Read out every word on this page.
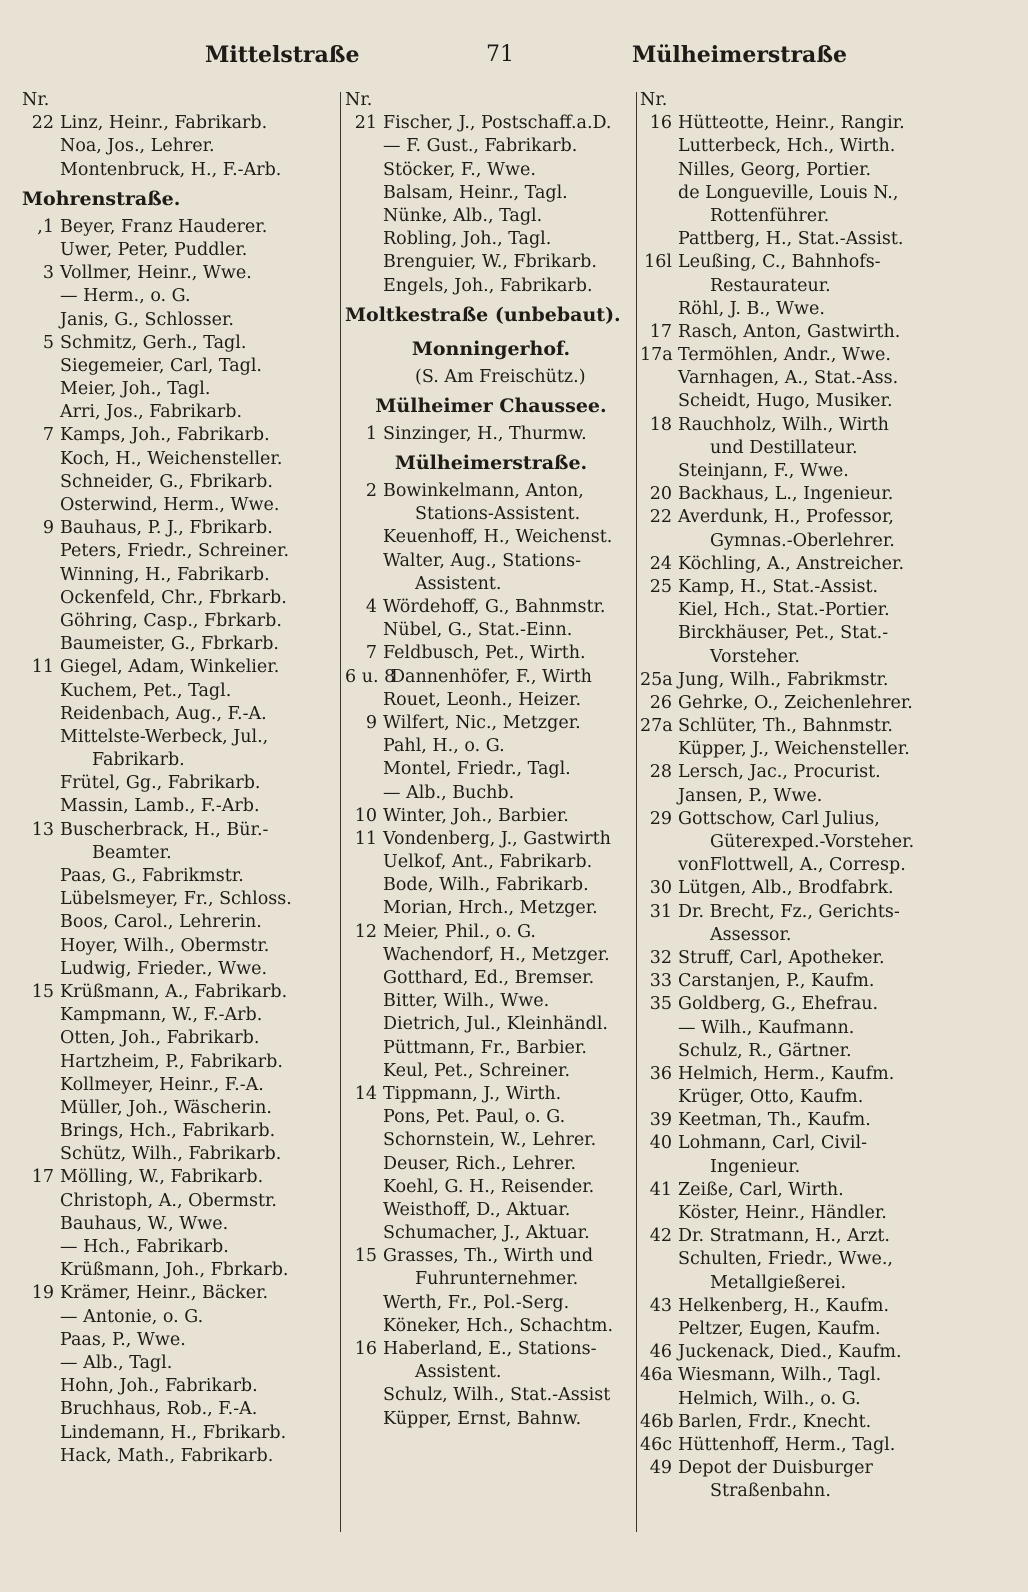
Mittelstraße	71	Mülheimerstraße
Nr.
22 Linz, Heinr., Fabrikarb.
Noa, Jos., Lehrer.
Montenbruck, H., F.-Arb.
Mohrenstraße.
,1 Beyer, Franz Hauderer.
Uwer, Peter, Puddler.
3 Vollmer, Heinr., Wwe.
— Herm., o. G.
Janis, G., Schlosser.
5 Schmitz, Gerh., Tagl.
Siegemeier, Carl, Tagl.
Meier, Joh., Tagl.
Arri, Jos., Fabrikarb.
7 Kamps, Joh., Fabrikarb.
Koch, H., Weichensteller.
Schneider, G., Fbrikarb.
Osterwind, Herm., Wwe.
9 Bauhaus, P. J., Fbrikarb.
Peters, Friedr., Schreiner.
Winning, H., Fabrikarb.
Ockenfeld, Chr., Fbrkarb.
Göhring, Casp., Fbrkarb.
Baumeister, G., Fbrkarb.
11 Giegel, Adam, Winkelier.
Kuchem, Pet., Tagl.
Reidenbach, Aug., F.-A.
Mittelste-Werbeck, Jul.,
Fabrikarb.
Frütel, Gg., Fabrikarb.
Massin, Lamb., F.-Arb.
13 Buscherbrack, H., Bür.-
Beamter.
Paas, G., Fabrikmstr.
Lübelsmeyer, Fr., Schloss.
Boos, Carol., Lehrerin.
Hoyer, Wilh., Obermstr.
Ludwig, Frieder., Wwe.
15 Krüßmann, A., Fabrikarb.
Kampmann, W., F.-Arb.
Otten, Joh., Fabrikarb.
Hartzheim, P., Fabrikarb.
Kollmeyer, Heinr., F.-A.
Müller, Joh., Wäscherin.
Brings, Hch., Fabrikarb.
Schütz, Wilh., Fabrikarb.
17 Mölling, W., Fabrikarb.
Christoph, A., Obermstr.
Bauhaus, W., Wwe.
— Hch., Fabrikarb.
Krüßmann, Joh., Fbrkarb.
19 Krämer, Heinr., Bäcker.
— Antonie, o. G.
Paas, P., Wwe.
— Alb., Tagl.
Hohn, Joh., Fabrikarb.
Bruchhaus, Rob., F.-A.
Lindemann, H., Fbrikarb.
Hack, Math., Fabrikarb.
Nr.
21 Fischer, J., Postschaff.a.D.
— F. Gust., Fabrikarb.
Stöcker, F., Wwe.
Balsam, Heinr., Tagl.
Nünke, Alb., Tagl.
Robling, Joh., Tagl.
Brenguier, W., Fbrikarb.
Engels, Joh., Fabrikarb.
Moltkestraße (unbebaut).
Monningerhof.
(S. Am Freischütz.)
Mülheimer Chaussee.
1 Sinzinger, H., Thurmw.
Mülheimerstraße.
2 Bowinkelmann, Anton,
Stations-Assistent.
Keuenhoff, H., Weichenst.
Walter, Aug., Stations-
Assistent.
4 Wördehoff, G., Bahnmstr.
Nübel, G., Stat.-Einn.
7 Feldbusch, Pet., Wirth.
6 u. 8Dannenhöfer, F., Wirth
Rouet, Leonh., Heizer.
9 Wilfert, Nic., Metzger.
Pahl, H., o. G.
Montel, Friedr., Tagl.
— Alb., Buchb.
10 Winter, Joh., Barbier.
11 Vondenberg, J., Gastwirth
Uelkof, Ant., Fabrikarb.
Bode, Wilh., Fabrikarb.
Morian, Hrch., Metzger.
12 Meier, Phil., o. G.
Wachendorf, H., Metzger.
Gotthard, Ed., Bremser.
Bitter, Wilh., Wwe.
Dietrich, Jul., Kleinhändl.
Püttmann, Fr., Barbier.
Keul, Pet., Schreiner.
14 Tippmann, J., Wirth.
Pons, Pet. Paul, o. G.
Schornstein, W., Lehrer.
Deuser, Rich., Lehrer.
Koehl, G. H., Reisender.
Weisthoff, D., Aktuar.
Schumacher, J., Aktuar.
15 Grasses, Th., Wirth und
Fuhrunternehmer.
Werth, Fr., Pol.-Serg.
Köneker, Hch., Schachtm.
16 Haberland, E., Stations-
Assistent.
Schulz, Wilh., Stat.-Assist
Küpper, Ernst, Bahnw.
Nr.
16 Hütteotte, Heinr., Rangir.
Lutterbeck, Hch., Wirth.
Nilles, Georg, Portier.
de Longueville, Louis N.,
Rottenführer.
Pattberg, H., Stat.-Assist.
16l Leußing, C., Bahnhofs-
Restaurateur.
Röhl, J. B., Wwe.
17 Rasch, Anton, Gastwirth.
17a Termöhlen, Andr., Wwe.
Varnhagen, A., Stat.-Ass.
Scheidt, Hugo, Musiker.
18 Rauchholz, Wilh., Wirth
und Destillateur.
Steinjann, F., Wwe.
20 Backhaus, L., Ingenieur.
22 Averdunk, H., Professor,
Gymnas.-Oberlehrer.
24 Köchling, A., Anstreicher.
25 Kamp, H., Stat.-Assist.
Kiel, Hch., Stat.-Portier.
Birckhäuser, Pet., Stat.-
Vorsteher.
25a Jung, Wilh., Fabrikmstr.
26 Gehrke, O., Zeichenlehrer.
27a Schlüter, Th., Bahnmstr.
Küpper, J., Weichensteller.
28 Lersch, Jac., Procurist.
Jansen, P., Wwe.
29 Gottschow, Carl Julius,
Güterexped.-Vorsteher.
vonFlottwell, A., Corresp.
30 Lütgen, Alb., Brodfabrk.
31 Dr. Brecht, Fz., Gerichts-
Assessor.
32 Struff, Carl, Apotheker.
33 Carstanjen, P., Kaufm.
35 Goldberg, G., Ehefrau.
— Wilh., Kaufmann.
Schulz, R., Gärtner.
36 Helmich, Herm., Kaufm.
Krüger, Otto, Kaufm.
39 Keetman, Th., Kaufm.
40 Lohmann, Carl, Civil-
Ingenieur.
41 Zeiße, Carl, Wirth.
Köster, Heinr., Händler.
42 Dr. Stratmann, H., Arzt.
Schulten, Friedr., Wwe.,
Metallgießerei.
43 Helkenberg, H., Kaufm.
Peltzer, Eugen, Kaufm.
46 Juckenack, Died., Kaufm.
46a Wiesmann, Wilh., Tagl.
Helmich, Wilh., o. G.
46b Barlen, Frdr., Knecht.
46c Hüttenhoff, Herm., Tagl.
49 Depot der Duisburger
Straßenbahn.
